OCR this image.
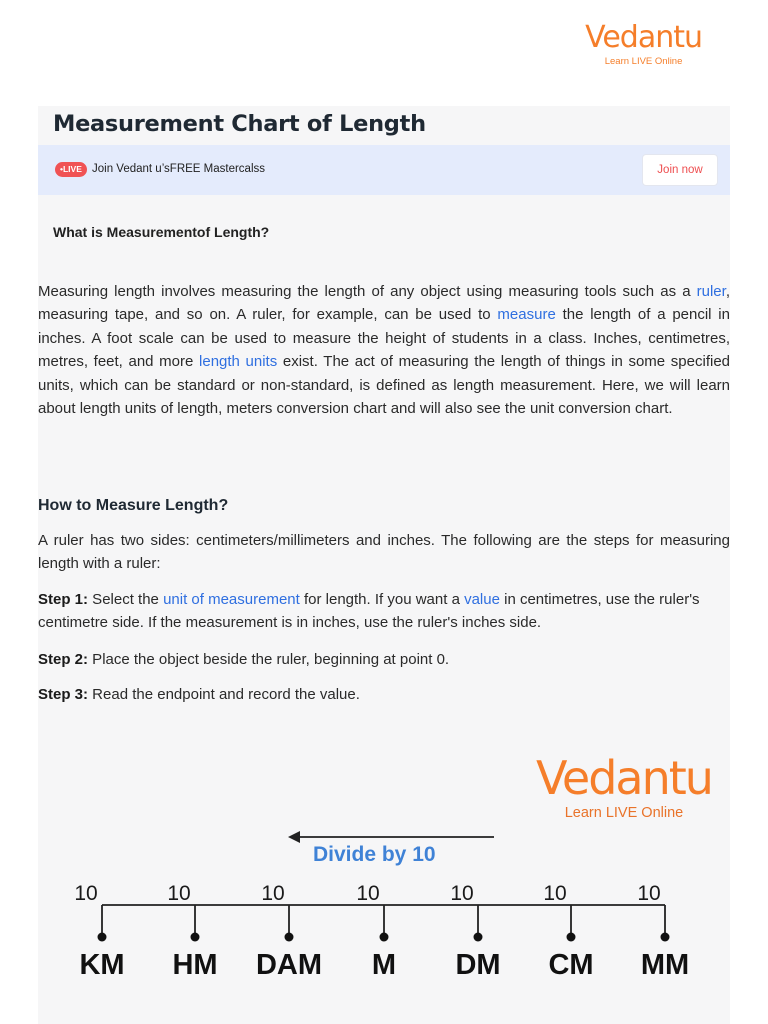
Vedantu
Learn LIVE Online
Measurement Chart of Length
•LIVE Join Vedant u’sFREE Mastercalss	Join now
What is Measurementof Length?
Measuring length involves measuring the length of any object using measuring tools such as a ruler, measuring tape, and so on. A ruler, for example, can be used to measure the length of a pencil in inches. A foot scale can be used to measure the height of students in a class. Inches, centimetres, metres, feet, and more length units exist. The act of measuring the length of things in some specified units, which can be standard or non-standard, is defined as length measurement. Here, we will learn about length units of length, meters conversion chart and will also see the unit conversion chart.
How to Measure Length?
A ruler has two sides: centimeters/millimeters and inches. The following are the steps for measuring length with a ruler:
Step 1: Select the unit of measurement for length. If you want a value in centimetres, use the ruler's centimetre side. If the measurement is in inches, use the ruler's inches side.
Step 2: Place the object beside the ruler, beginning at point 0.
Step 3: Read the endpoint and record the value.
Vedantu
Learn LIVE Online
Divide by 10
10	10	10	10	10	10	10
KM HM DAM M DM CM MM
